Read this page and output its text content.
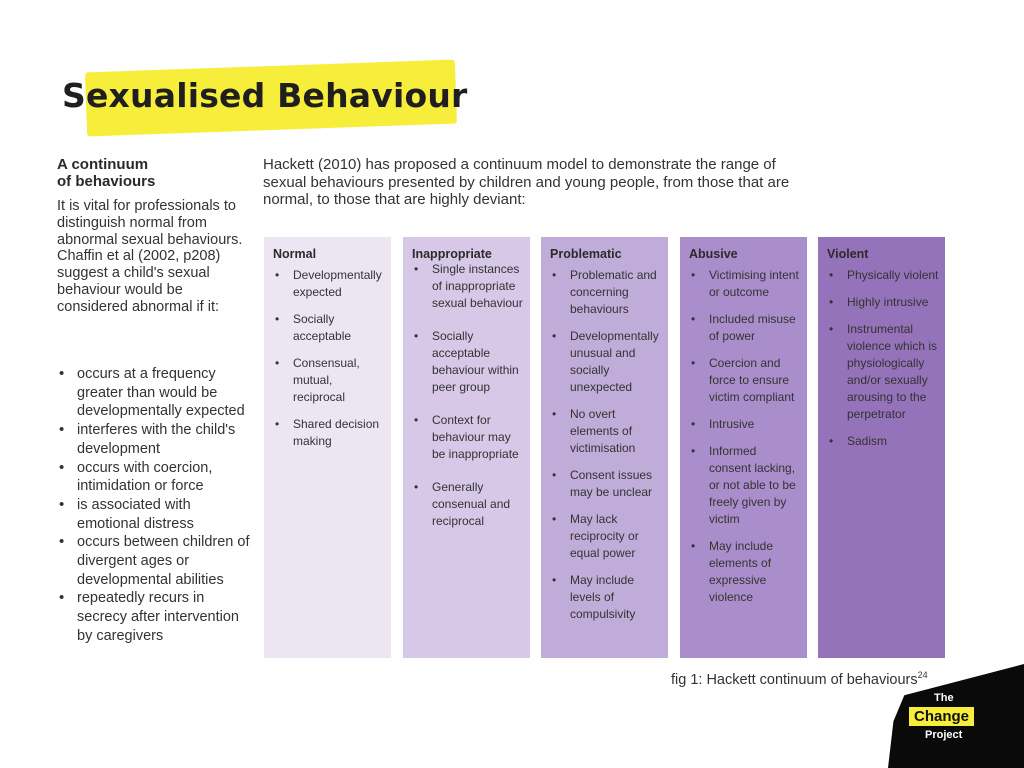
Sexualised Behaviour
A continuum
of behaviours
It is vital for professionals to distinguish normal from abnormal sexual behaviours. Chaffin et al (2002, p208) suggest a child's sexual behaviour would be considered abnormal if it:
• occurs at a frequency greater than would be developmentally expected
• interferes with the child's development
• occurs with coercion, intimidation or force
• is associated with emotional distress
• occurs between children of divergent ages or developmental abilities
• repeatedly recurs in secrecy after intervention by caregivers
Hackett (2010) has proposed a continuum model to demonstrate the range of sexual behaviours presented by children and young people, from those that are normal, to those that are highly deviant:
Normal
• Developmentally expected
• Socially acceptable
• Consensual, mutual, reciprocal
• Shared decision making
Inappropriate
• Single instances of inappropriate sexual behaviour
• Socially acceptable behaviour within peer group
• Context for behaviour may be inappropriate
• Generally consenual and reciprocal
Problematic
• Problematic and concerning behaviours
• Developmentally unusual and socially unexpected
• No overt elements of victimisation
• Consent issues may be unclear
• May lack reciprocity or equal power
• May include levels of compulsivity
Abusive
• Victimising intent or outcome
• Included misuse of power
• Coercion and force to ensure victim compliant
• Intrusive
• Informed consent lacking, or not able to be freely given by victim
• May include elements of expressive violence
Violent
• Physically violent
• Highly intrusive
• Instrumental violence which is physiologically and/or sexually arousing to the perpetrator
• Sadism
fig 1: Hackett continuum of behaviours$^{24}$
The
Change
Project
